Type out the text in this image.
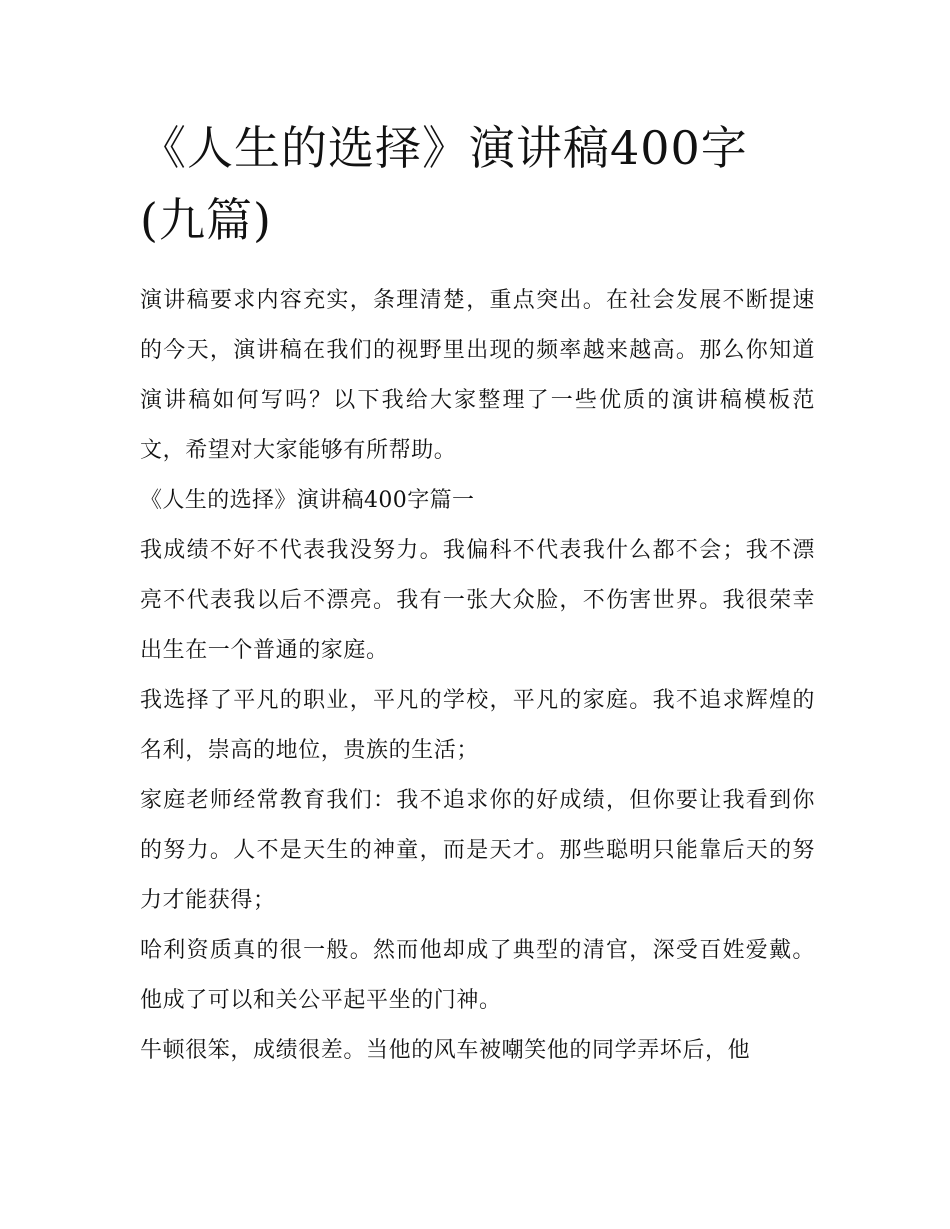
《人生的选择》演讲稿400字
(九篇)

演讲稿要求内容充实，条理清楚，重点突出。在社会发展不断提速的今天，演讲稿在我们的视野里出现的频率越来越高。那么你知道演讲稿如何写吗？以下我给大家整理了一些优质的演讲稿模板范文，希望对大家能够有所帮助。

《人生的选择》演讲稿400字篇一

我成绩不好不代表我没努力。我偏科不代表我什么都不会；我不漂亮不代表我以后不漂亮。我有一张大众脸，不伤害世界。我很荣幸出生在一个普通的家庭。

我选择了平凡的职业，平凡的学校，平凡的家庭。我不追求辉煌的名利，崇高的地位，贵族的生活；

家庭老师经常教育我们：我不追求你的好成绩，但你要让我看到你的努力。人不是天生的神童，而是天才。那些聪明只能靠后天的努力才能获得；

哈利资质真的很一般。然而他却成了典型的清官，深受百姓爱戴。他成了可以和关公平起平坐的门神。

牛顿很笨，成绩很差。当他的风车被嘲笑他的同学弄坏后，他
